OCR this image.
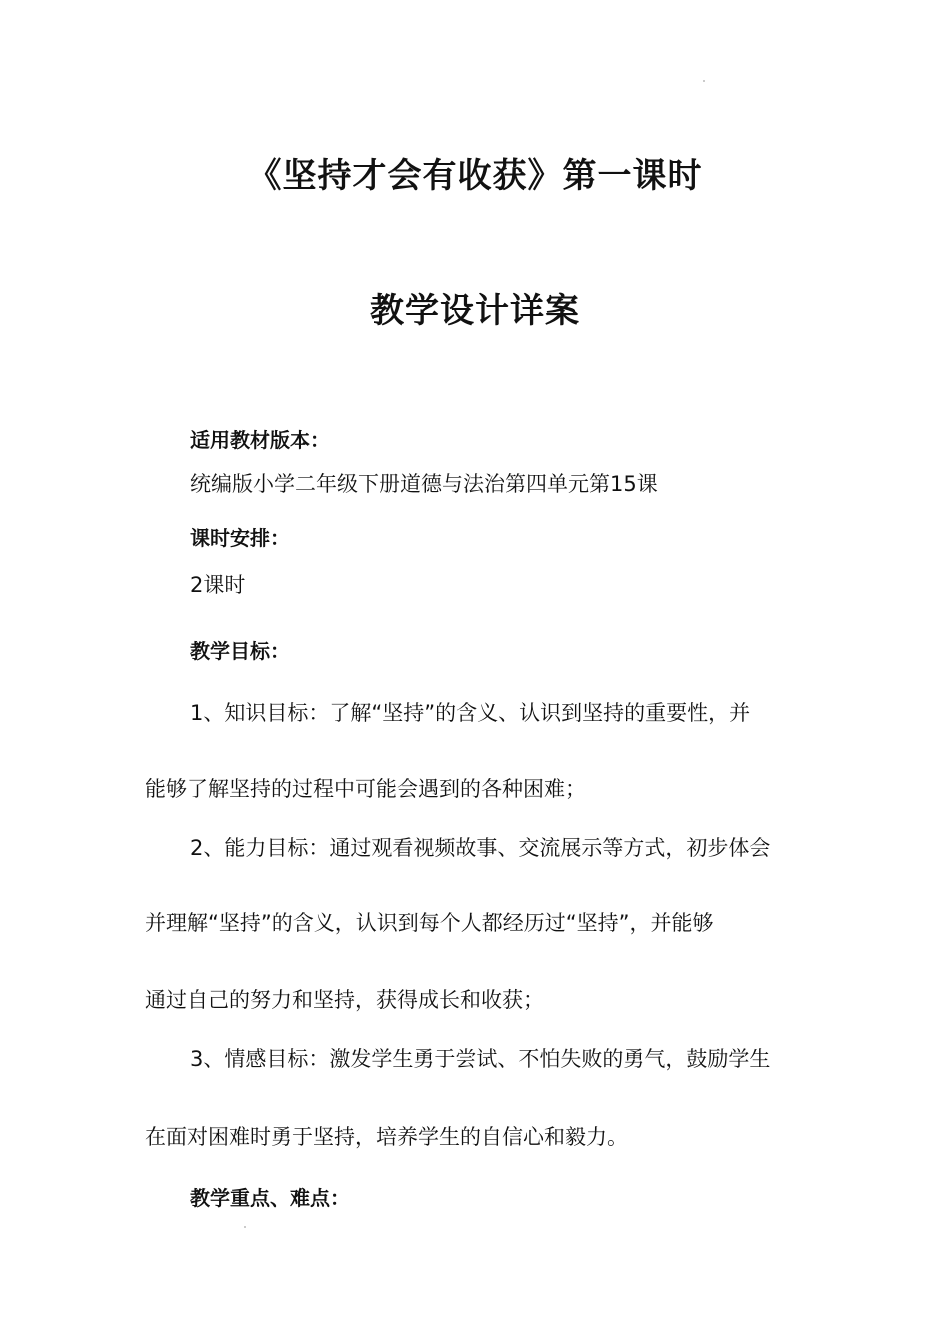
《坚持才会有收获》第一课时
教学设计详案
适用教材版本：
统编版小学二年级下册道德与法治第四单元第15课
课时安排：
2课时
教学目标：
1、知识目标：了解“坚持”的含义、认识到坚持的重要性，并
能够了解坚持的过程中可能会遇到的各种困难；
2、能力目标：通过观看视频故事、交流展示等方式，初步体会
并理解“坚持”的含义，认识到每个人都经历过“坚持”，并能够
通过自己的努力和坚持，获得成长和收获；
3、情感目标：激发学生勇于尝试、不怕失败的勇气，鼓励学生
在面对困难时勇于坚持，培养学生的自信心和毅力。
教学重点、难点：
